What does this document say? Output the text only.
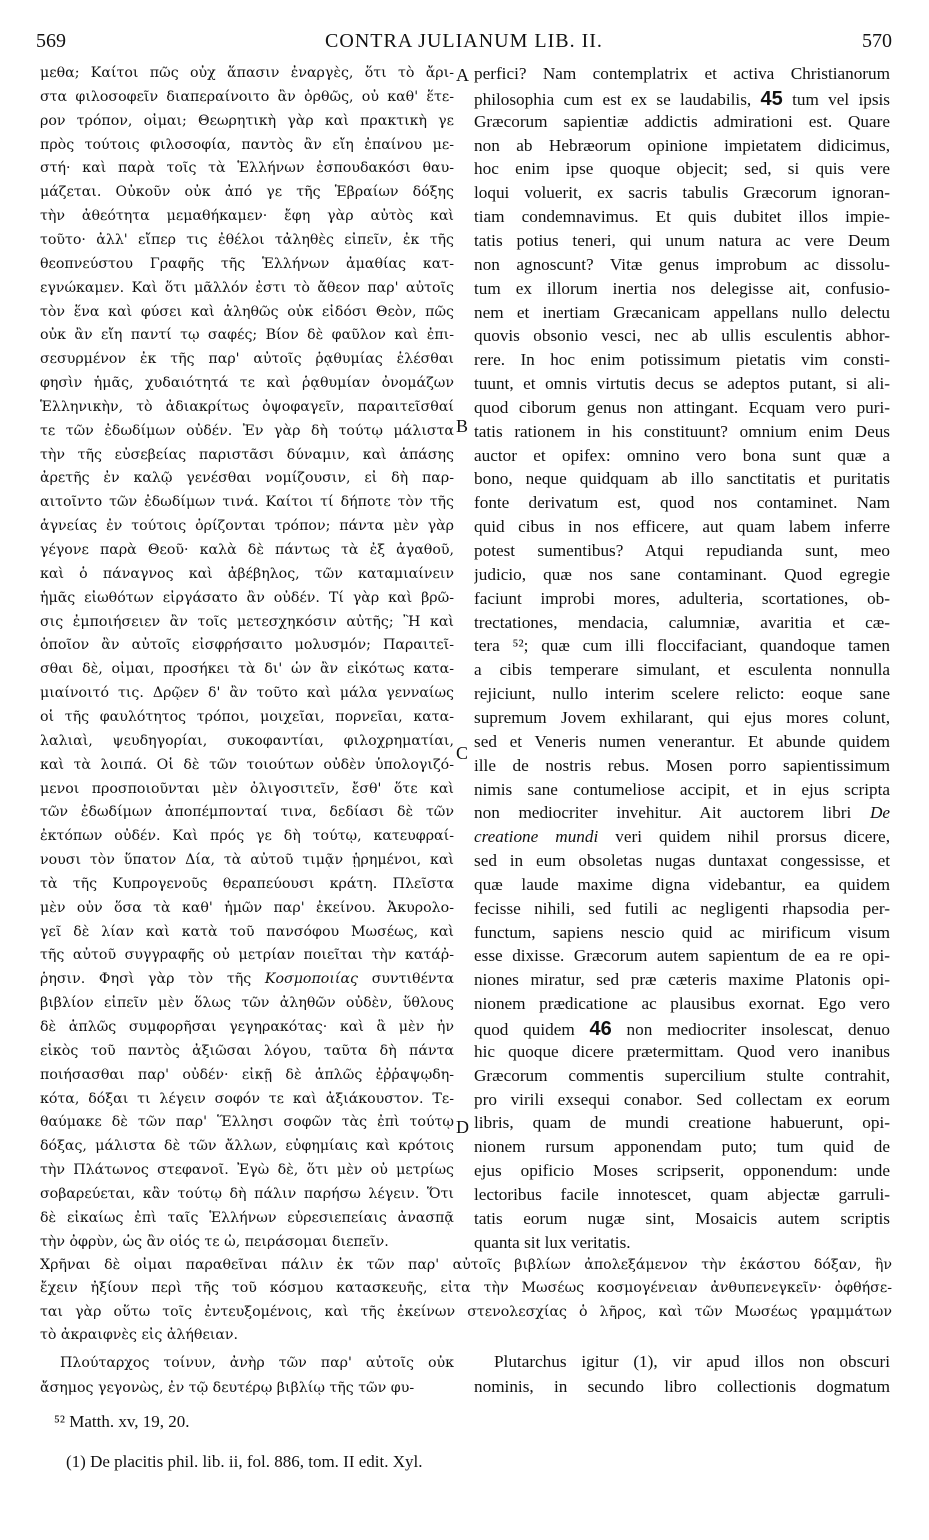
569	CONTRA JULIANUM LIB. II.	570
μεθα; Καίτοι πῶς οὐχ ἅπασιν ἐναργὲς, ὅτι τὸ ἄρι-
στα φιλοσοφεῖν διαπεραίνοιτο ἂν ὀρθῶς, οὐ καθ' ἕτε-
ρον τρόπον, οἶμαι; Θεωρητικὴ γὰρ καὶ πρακτικὴ γε
πρὸς τούτοις φιλοσοφία, παντὸς ἂν εἴη ἐπαίνου με-
στή· καὶ παρὰ τοῖς τὰ Ἑλλήνων ἐσπουδακόσι θαυ-
μάζεται. Οὐκοῦν οὐκ ἀπό γε τῆς Ἑβραίων δόξης
τὴν ἀθεότητα μεμαθήκαμεν· ἔφη γὰρ αὐτὸς καὶ
τοῦτο· ἀλλ' εἴπερ τις ἐθέλοι τἀληθὲς εἰπεῖν, ἐκ τῆς
θεοπνεύστου Γραφῆς τῆς Ἑλλήνων ἀμαθίας κατ-
εγνώκαμεν. Καὶ ὅτι μᾶλλόν ἐστι τὸ ἄθεον παρ' αὐτοῖς
τὸν ἕνα καὶ φύσει καὶ ἀληθῶς οὐκ εἰδόσι Θεὸν, πῶς
οὐκ ἂν εἴη παντί τῳ σαφές; Βίον δὲ φαῦλον καὶ ἐπι-
σεσυρμένον ἐκ τῆς παρ' αὐτοῖς ῥᾳθυμίας ἑλέσθαι
φησὶν ἡμᾶς, χυδαιότητά τε καὶ ῥᾳθυμίαν ὀνομάζων
Ἑλληνικὴν, τὸ ἀδιακρίτως ὀψοφαγεῖν, παραιτεῖσθαί
τε τῶν ἐδωδίμων οὐδέν. Ἐν γὰρ δὴ τούτῳ μάλιστα
τὴν τῆς εὐσεβείας παριστᾶσι δύναμιν, καὶ ἁπάσης
ἀρετῆς ἐν καλῷ γενέσθαι νομίζουσιν, εἰ δὴ παρ-
αιτοῖντο τῶν ἐδωδίμων τινά. Καίτοι τί δήποτε τὸν τῆς
ἁγνείας ἐν τούτοις ὁρίζονται τρόπον; πάντα μὲν γὰρ
γέγονε παρὰ Θεοῦ· καλὰ δὲ πάντως τὰ ἐξ ἀγαθοῦ,
καὶ ὁ πάναγνος καὶ ἀβέβηλος, τῶν καταμιαίνειν
ἡμᾶς εἰωθότων εἰργάσατο ἂν οὐδέν. Τί γὰρ καὶ βρῶ-
σις ἐμποιήσειεν ἂν τοῖς μετεσχηκόσιν αὐτῆς; Ἢ καὶ
ὁποῖον ἂν αὐτοῖς εἰσφρήσαιτο μολυσμόν; Παραιτεῖ-
σθαι δὲ, οἶμαι, προσήκει τὰ δι' ὧν ἂν εἰκότως κατα-
μιαίνοιτό τις. Δρῷεν δ' ἂν τοῦτο καὶ μάλα γενναίως
οἱ τῆς φαυλότητος τρόποι, μοιχεῖαι, πορνεῖαι, κατα-
λαλιαὶ, ψευδηγορίαι, συκοφαντίαι, φιλοχρηματίαι,
καὶ τὰ λοιπά. Οἱ δὲ τῶν τοιούτων οὐδὲν ὑπολογιζό-
μενοι προσποιοῦνται μὲν ὀλιγοσιτεῖν, ἔσθ' ὅτε καὶ
τῶν ἐδωδίμων ἀποπέμπονταί τινα, δεδίασι δὲ τῶν
ἐκτόπων οὐδέν. Καὶ πρός γε δὴ τούτῳ, κατευφραί-
νουσι τὸν ὕπατον Δία, τὰ αὐτοῦ τιμᾷν ᾑρημένοι, καὶ
τὰ τῆς Κυπρογενοῦς θεραπεύουσι κράτη. Πλεῖστα
μὲν οὖν ὅσα τὰ καθ' ἡμῶν παρ' ἐκείνου. Ἀκυρολο-
γεῖ δὲ λίαν καὶ κατὰ τοῦ πανσόφου Μωσέως, καὶ
τῆς αὐτοῦ συγγραφῆς οὐ μετρίαν ποιεῖται τὴν κατάῤ-
ῥησιν. Φησὶ γὰρ τὸν τῆς Κοσμοποιίας συντιθέντα
βιβλίον εἰπεῖν μὲν ὅλως τῶν ἀληθῶν οὐδὲν, ὕθλους
δὲ ἁπλῶς συμφορῆσαι γεγηρακότας· καὶ ἃ μὲν ἦν
εἰκὸς τοῦ παντὸς ἀξιῶσαι λόγου, ταῦτα δὴ πάντα
ποιήσασθαι παρ' οὐδέν· εἰκῇ δὲ ἁπλῶς ἐῤῥαψῳδη-
κότα, δόξαι τι λέγειν σοφόν τε καὶ ἀξιάκουστον. Τε-
θαύμακε δὲ τῶν παρ' Ἕλλησι σοφῶν τὰς ἐπὶ τούτῳ
δόξας, μάλιστα δὲ τῶν ἄλλων, εὐφημίαις καὶ κρότοις
τὴν Πλάτωνος στεφανοῖ. Ἐγὼ δὲ, ὅτι μὲν οὐ μετρίως
σοβαρεύεται, κἂν τούτῳ δὴ πάλιν παρήσω λέγειν. Ὅτι
δὲ εἰκαίως ἐπὶ ταῖς Ἑλλήνων εὑρεσιεπείαις ἀνασπᾷ
τὴν ὀφρὺν, ὡς ἂν οἷός τε ὦ, πειράσομαι διεπεῖν.
perfici? Nam contemplatrix et activa Christianorum
philosophia cum est ex se laudabilis, 45 tum vel ipsis
Græcorum sapientiæ addictis admirationi est. Quare
non ab Hebræorum opinione impietatem didicimus,
hoc enim ipse quoque objecit; sed, si quis vere
loqui voluerit, ex sacris tabulis Græcorum ignoran-
tiam condemnavimus. Et quis dubitet illos impie-
tatis potius teneri, qui unum natura ac vere Deum
non agnoscunt? Vitæ genus improbum ac dissolu-
tum ex illorum inertia nos delegisse ait, confusio-
nem et inertiam Græcanicam appellans nullo delectu
quovis obsonio vesci, nec ab ullis esculentis abhor-
rere. In hoc enim potissimum pietatis vim consti-
tuunt, et omnis virtutis decus se adeptos putant, si ali-
quod ciborum genus non attingant. Ecquam vero puri-
tatis rationem in his constituunt? omnium enim Deus
auctor et opifex: omnino vero bona sunt quæ a
bono, neque quidquam ab illo sanctitatis et puritatis
fonte derivatum est, quod nos contaminet. Nam
quid cibus in nos efficere, aut quam labem inferre
potest sumentibus? Atqui repudianda sunt, meo
judicio, quæ nos sane contaminant. Quod egregie
faciunt improbi mores, adulteria, scortationes, ob-
trectationes, mendacia, calumniæ, avaritia et cæ-
tera ⁵²; quæ cum illi floccifaciant, quandoque tamen
a cibis temperare simulant, et esculenta nonnulla
rejiciunt, nullo interim scelere relicto: eoque sane
supremum Jovem exhilarant, qui ejus mores colunt,
sed et Veneris numen venerantur. Et abunde quidem
ille de nostris rebus. Mosen porro sapientissimum
nimis sane contumeliose accipit, et in ejus scripta
non mediocriter invehitur. Ait auctorem libri De
creatione mundi veri quidem nihil prorsus dicere,
sed in eum obsoletas nugas duntaxat congessisse, et
quæ laude maxime digna videbantur, ea quidem
fecisse nihili, sed futili ac negligenti rhapsodia per-
functum, sapiens nescio quid ac mirificum visum
esse dixisse. Græcorum autem sapientum de ea re opi-
niones miratur, sed præ cæteris maxime Platonis opi-
nionem prædicatione ac plausibus exornat. Ego vero
quod quidem 46 non mediocriter insolescat, denuo
hic quoque dicere prætermittam. Quod vero inanibus
Græcorum commentis supercilium stulte contrahit,
pro virili exsequi conabor. Sed collectam ex eorum
libris, quam de mundi creatione habuerunt, opi-
nionem rursum apponendam puto; tum quid de
ejus opificio Moses scripserit, opponendum: unde
lectoribus facile innotescet, quam abjectæ garruli-
tatis eorum nugæ sint, Mosaicis autem scriptis
quanta sit lux veritatis.
Χρῆναι δὲ οἶμαι παραθεῖναι πάλιν ἐκ τῶν παρ' αὐτοῖς βιβλίων ἀπολεξάμενον τὴν ἑκάστου δόξαν, ἣν
ἔχειν ἠξίουν περὶ τῆς τοῦ κόσμου κατασκευῆς, εἶτα τὴν Μωσέως κοσμογένειαν ἀνθυπενεγκεῖν· ὀφθήσε-
ται γὰρ οὕτω τοῖς ἐντευξομένοις, καὶ τῆς ἐκείνων στενολεσχίας ὁ λῆρος, καὶ τῶν Μωσέως γραμμάτων
τὸ ἀκραιφνὲς εἰς ἀλήθειαν.
Πλούταρχος τοίνυν, ἀνὴρ τῶν παρ' αὐτοῖς οὐκ
ἄσημος γεγονὼς, ἐν τῷ δευτέρῳ βιβλίῳ τῆς τῶν φυ-
Plutarchus igitur (1), vir apud illos non obscuri
nominis, in secundo libro collectionis dogmatum
A
B
C
D
⁵² Matth. xv, 19, 20.
(1) De placitis phil. lib. ii, fol. 886, tom. II edit. Xyl.
